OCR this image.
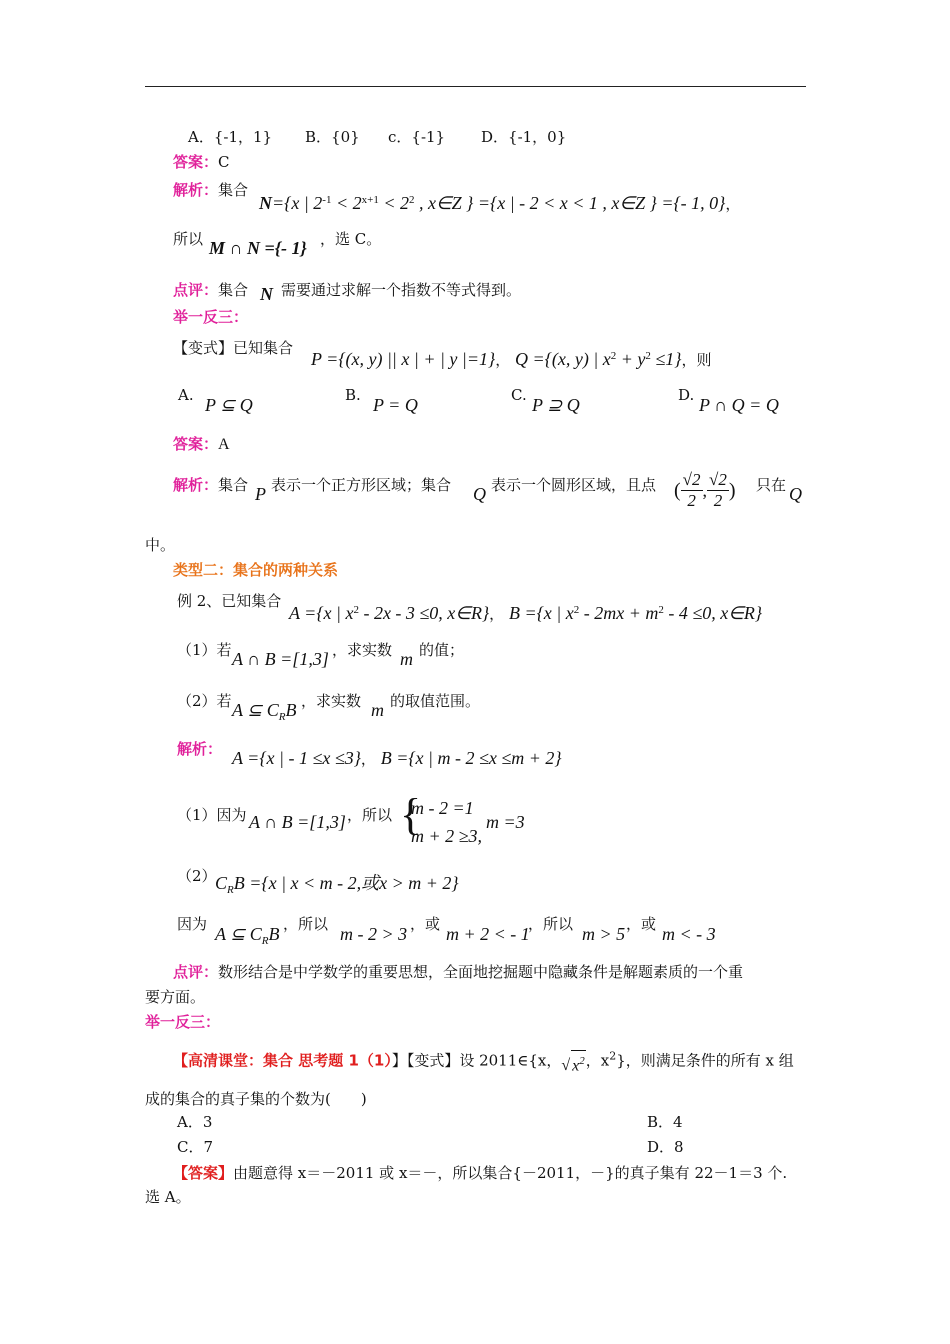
A．{-1，1} B．{0} c．{-1} D．{-1，0}
答案：C
解析：集合
N={x | $2^{-1} < 2^{x+1} < 2^2$ , x∈Z } ={x | - 2 < x < 1 , x∈Z } ={- 1, 0}，
所以 M ∩ N ={- 1} ，选 C。
点评：集合 N 需要通过求解一个指数不等式得到。
举一反三：
【变式】已知集合
P ={(x, y) || x | + | y |=1}， Q ={(x, y) | $x^2 + y^2 \le 1$}，则
A. P ⊆ Q	B. P = Q	C. P ⊇ Q	D. P ∩ Q = Q
答案：A
解析：集合 P 表示一个正方形区域；集合 Q 表示一个圆形区域，且点 ( $\frac{√2}{2}$ , $\frac{√2}{2}$ ) 只在 Q
中。
类型二：集合的两种关系
例 2、已知集合
A ={x | $x^2 - 2x - 3 \le 0$, x∈R}， B ={x | $x^2 - 2mx + m^2 - 4 \le 0$, x∈R}
（1）若 A ∩ B =[1,3] ，求实数 m 的值；
（2）若 A ⊆ $C_RB$ ，求实数 m 的取值范围。
解析： A ={x | - 1 ≤x ≤3}， B ={x | m - 2 ≤x ≤m + 2}
（1）因为 A ∩ B =[1,3] ，所以 {
m - 2 =1
m + 2 ≥3,
m =3
（2）
$C_RB =\{x$ | x < m - 2,或x > m + 2}
因为 A ⊆ $C_RB$ ，所以 m - 2 > 3 ，或 m + 2 < - 1
，所以 m > 5 ，或 m < - 3
点评：数形结合是中学数学的重要思想，全面地挖掘题中隐藏条件是解题素质的一个重
要方面。
举一反三：
【高清课堂：集合 思考题 1（1）】【变式】设 2011∈{x，√ $x^2$，$x^2$}，则满足条件的所有 x 组
成的集合的真子集的个数为(　　)
A．3	B．4
C．7	D．8
【答案】由题意得 x＝－2011 或 x＝－，所以集合{－2011，－}的真子集有 22－1＝3 个.
选 A。
